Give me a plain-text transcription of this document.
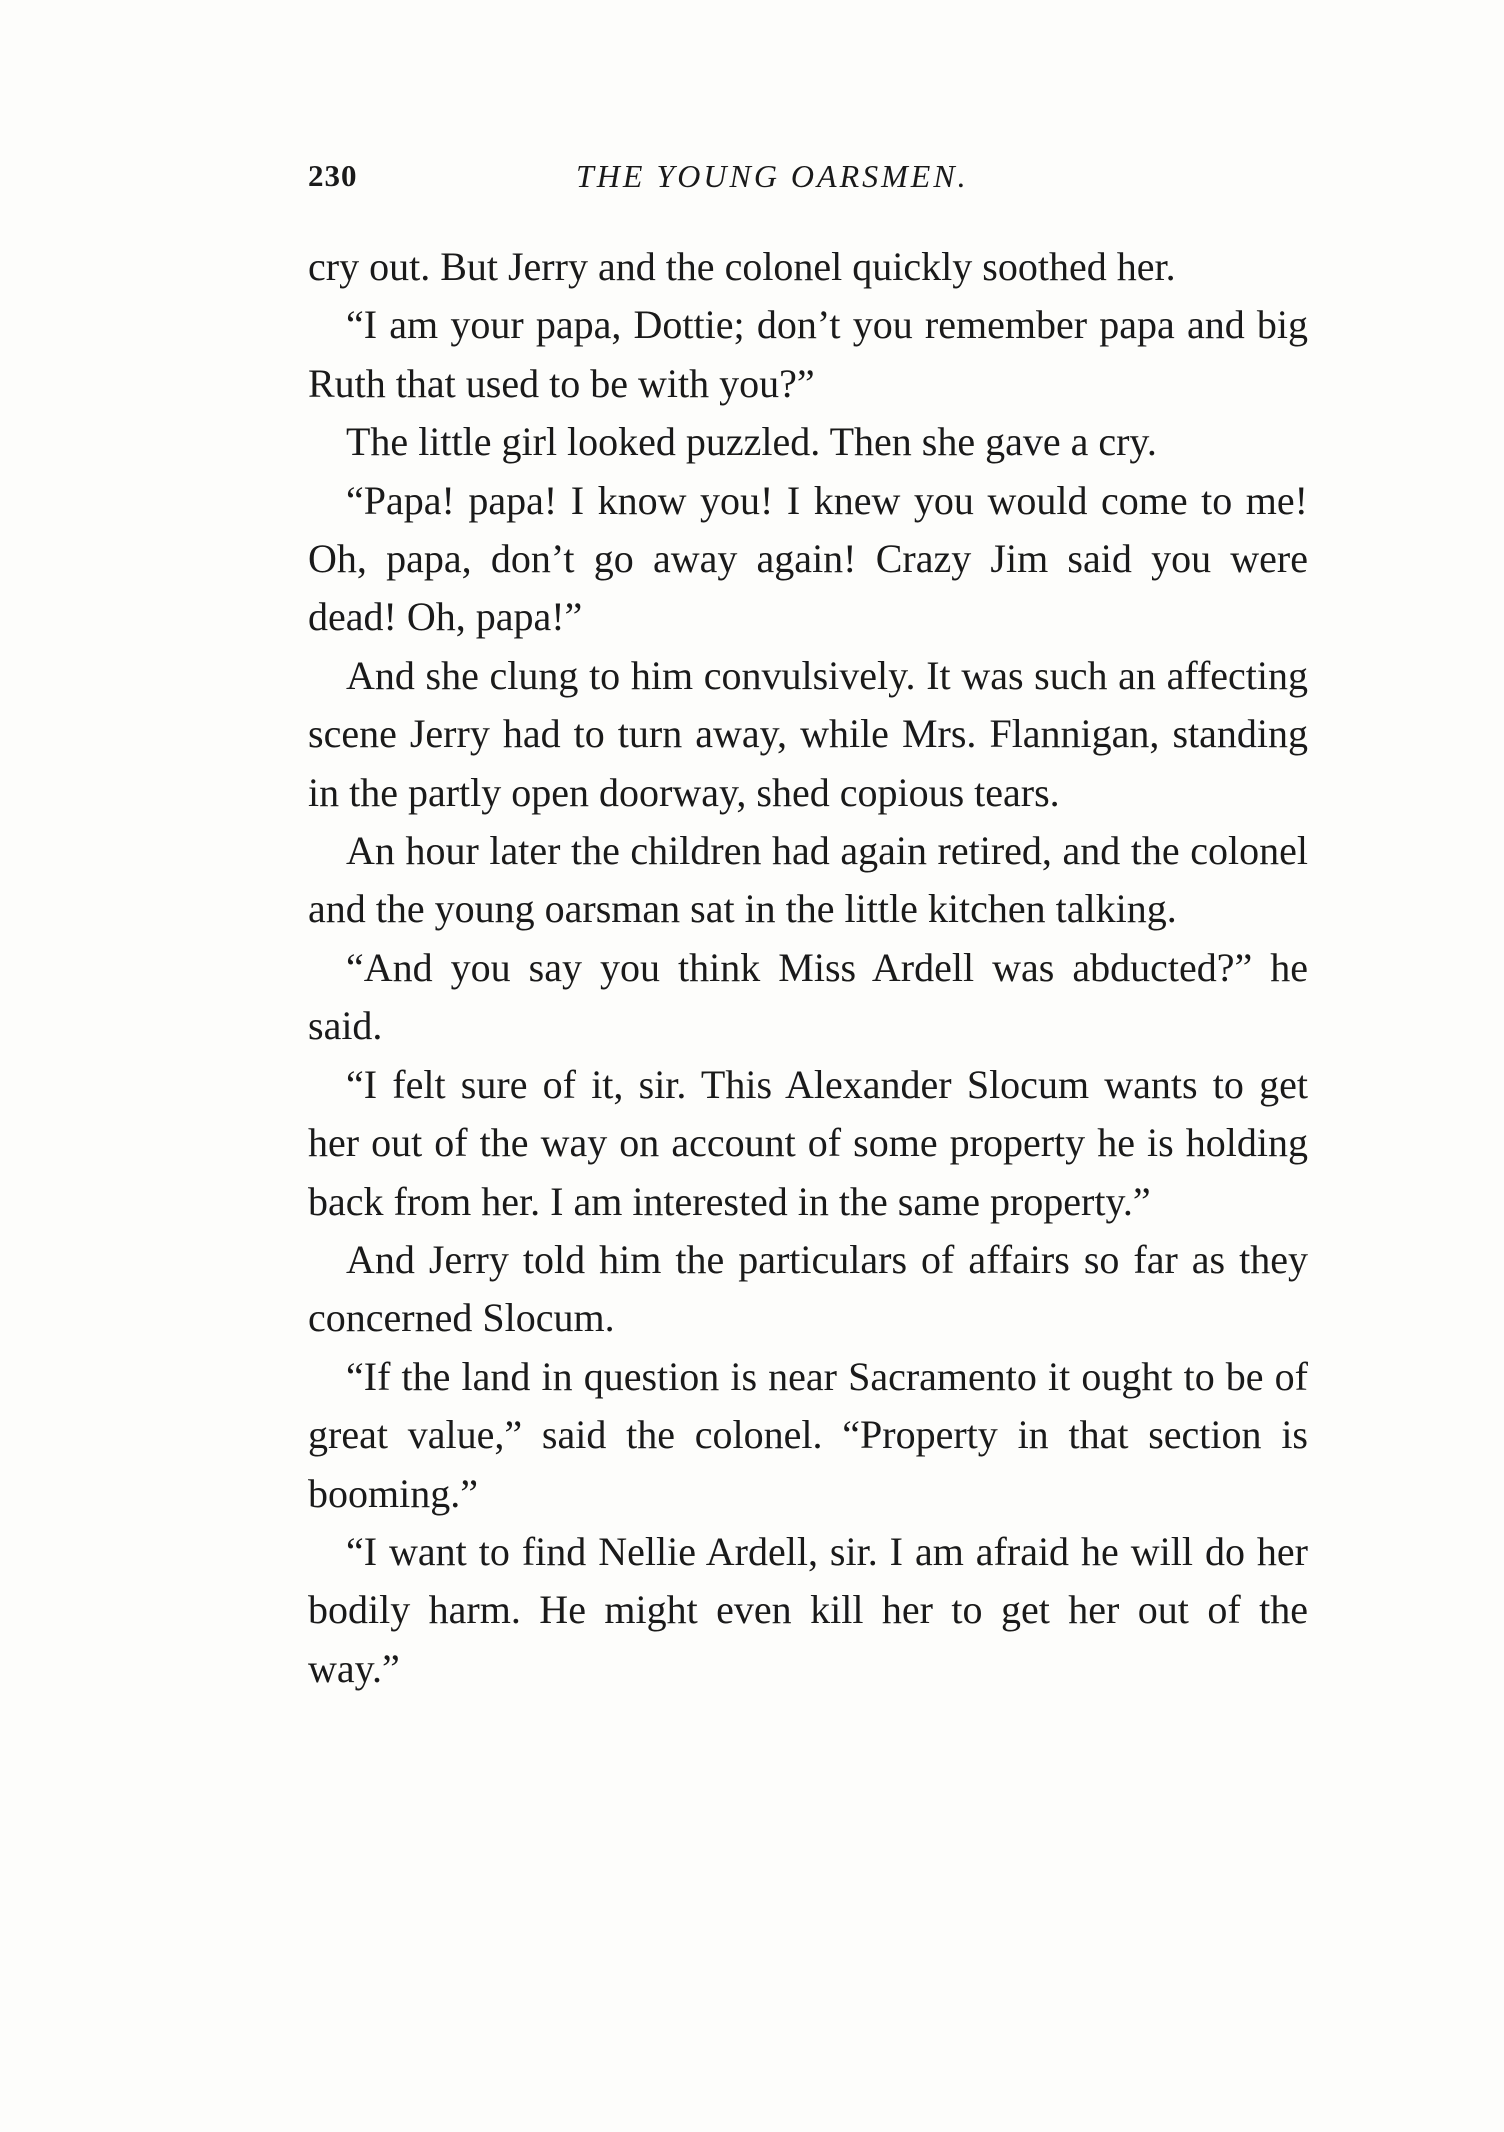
230	THE YOUNG OARSMEN.

cry out. But Jerry and the colonel quickly soothed her.

“I am your papa, Dottie; don’t you remember papa and big Ruth that used to be with you?”

The little girl looked puzzled. Then she gave a cry.

“Papa! papa! I know you! I knew you would come to me! Oh, papa, don’t go away again! Crazy Jim said you were dead! Oh, papa!”

And she clung to him convulsively. It was such an affecting scene Jerry had to turn away, while Mrs. Flannigan, standing in the partly open doorway, shed copious tears.

An hour later the children had again retired, and the colonel and the young oarsman sat in the little kitchen talking.

“And you say you think Miss Ardell was abducted?” he said.

“I felt sure of it, sir. This Alexander Slocum wants to get her out of the way on account of some property he is holding back from her. I am interested in the same property.”

And Jerry told him the particulars of affairs so far as they concerned Slocum.

“If the land in question is near Sacramento it ought to be of great value,” said the colonel. “Property in that section is booming.”

“I want to find Nellie Ardell, sir. I am afraid he will do her bodily harm. He might even kill her to get her out of the way.”
